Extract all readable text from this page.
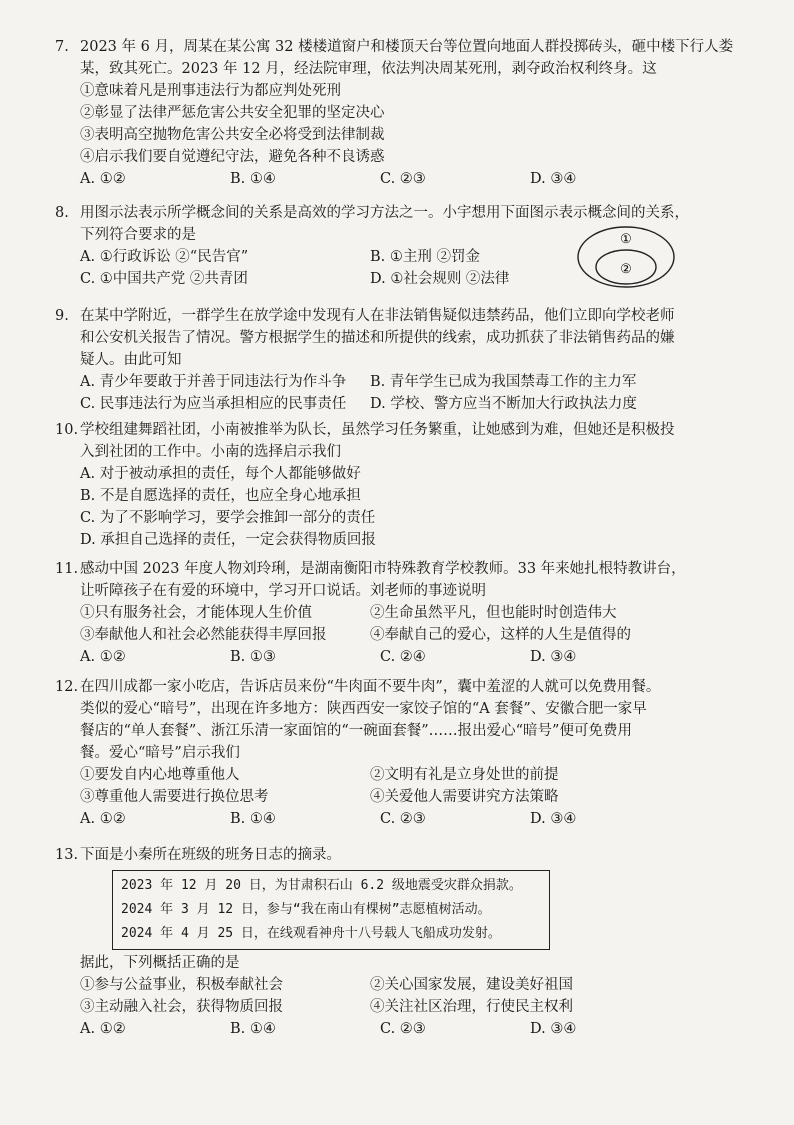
7. 2023 年 6 月，周某在某公寓 32 楼楼道窗户和楼顶天台等位置向地面人群投掷砖头，砸中楼下行人娄
某，致其死亡。2023 年 12 月，经法院审理，依法判决周某死刑，剥夺政治权利终身。这
①意味着凡是刑事违法行为都应判处死刑
②彰显了法律严惩危害公共安全犯罪的坚定决心
③表明高空抛物危害公共安全必将受到法律制裁
④启示我们要自觉遵纪守法，避免各种不良诱惑
A. ①②	B. ①④	C. ②③	D. ③④
8. 用图示法表示所学概念间的关系是高效的学习方法之一。小宇想用下面图示表示概念间的关系，
下列符合要求的是
A. ①行政诉讼 ②“民告官”	B. ①主刑 ②罚金
C. ①中国共产党 ②共青团	D. ①社会规则 ②法律
①
②
9. 在某中学附近，一群学生在放学途中发现有人在非法销售疑似违禁药品，他们立即向学校老师
和公安机关报告了情况。警方根据学生的描述和所提供的线索，成功抓获了非法销售药品的嫌
疑人。由此可知
A. 青少年要敢于并善于同违法行为作斗争	B. 青年学生已成为我国禁毒工作的主力军
C. 民事违法行为应当承担相应的民事责任	D. 学校、警方应当不断加大行政执法力度
10. 学校组建舞蹈社团，小南被推举为队长，虽然学习任务繁重，让她感到为难，但她还是积极投
入到社团的工作中。小南的选择启示我们
A. 对于被动承担的责任，每个人都能够做好
B. 不是自愿选择的责任，也应全身心地承担
C. 为了不影响学习，要学会推卸一部分的责任
D. 承担自己选择的责任，一定会获得物质回报
11. 感动中国 2023 年度人物刘玲琍，是湖南衡阳市特殊教育学校教师。33 年来她扎根特教讲台，
让听障孩子在有爱的环境中，学习开口说话。刘老师的事迹说明
①只有服务社会，才能体现人生价值	②生命虽然平凡，但也能时时创造伟大
③奉献他人和社会必然能获得丰厚回报	④奉献自己的爱心，这样的人生是值得的
A. ①②	B. ①③	C. ②④	D. ③④
12. 在四川成都一家小吃店，告诉店员来份“牛肉面不要牛肉”，囊中羞涩的人就可以免费用餐。
类似的爱心“暗号”，出现在许多地方：陕西西安一家饺子馆的“A 套餐”、安徽合肥一家早
餐店的“单人套餐”、浙江乐清一家面馆的“一碗面套餐”……报出爱心“暗号”便可免费用
餐。爱心“暗号”启示我们
①要发自内心地尊重他人	②文明有礼是立身处世的前提
③尊重他人需要进行换位思考	④关爱他人需要讲究方法策略
A. ①②	B. ①④	C. ②③	D. ③④
13. 下面是小秦所在班级的班务日志的摘录。
2023 年 12 月 20 日，为甘肃积石山 6.2 级地震受灾群众捐款。
2024 年 3 月 12 日，参与“我在南山有棵树”志愿植树活动。
2024 年 4 月 25 日，在线观看神舟十八号载人飞船成功发射。
据此，下列概括正确的是
①参与公益事业，积极奉献社会	②关心国家发展，建设美好祖国
③主动融入社会，获得物质回报	④关注社区治理，行使民主权利
A. ①②	B. ①④	C. ②③	D. ③④
